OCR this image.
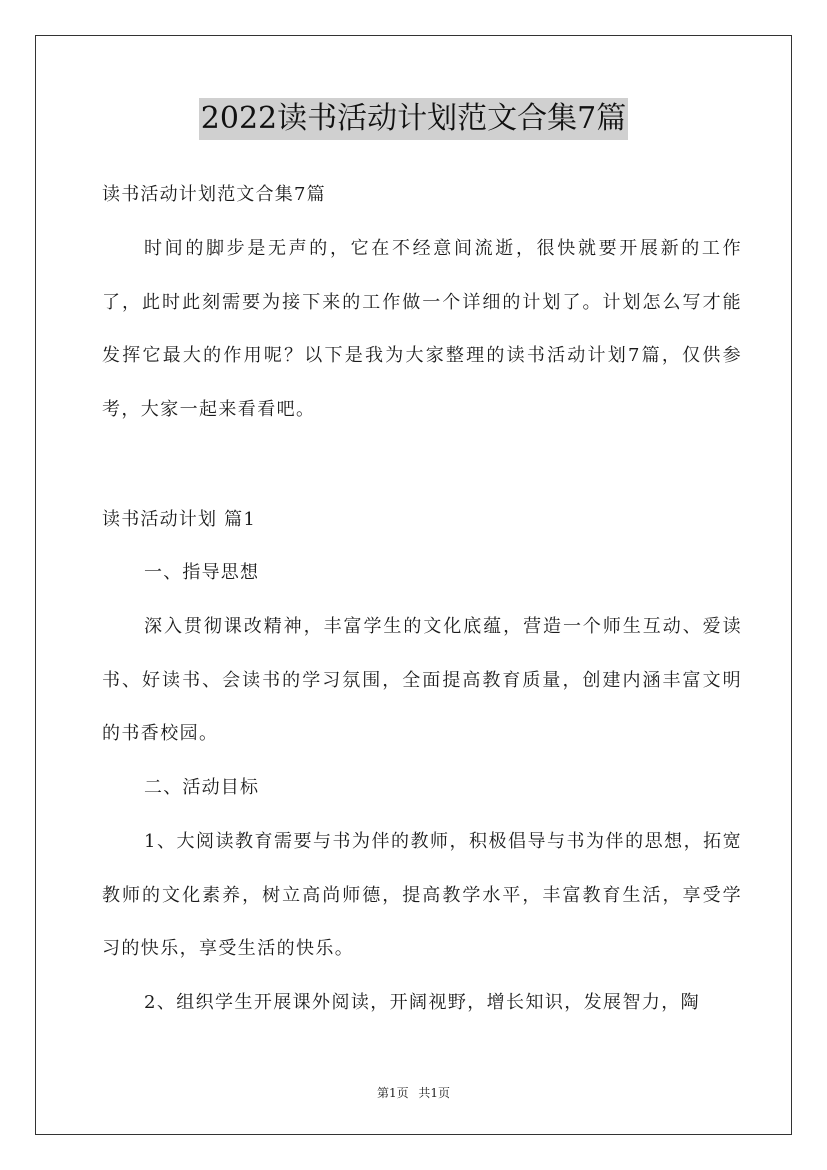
2022读书活动计划范文合集7篇
读书活动计划范文合集7篇
时间的脚步是无声的，它在不经意间流逝，很快就要开展新的工作了，此时此刻需要为接下来的工作做一个详细的计划了。计划怎么写才能发挥它最大的作用呢？以下是我为大家整理的读书活动计划7篇，仅供参考，大家一起来看看吧。
读书活动计划 篇1
一、指导思想
深入贯彻课改精神，丰富学生的文化底蕴，营造一个师生互动、爱读书、好读书、会读书的学习氛围，全面提高教育质量，创建内涵丰富文明的书香校园。
二、活动目标
1、大阅读教育需要与书为伴的教师，积极倡导与书为伴的思想，拓宽教师的文化素养，树立高尚师德，提高教学水平，丰富教育生活，享受学习的快乐，享受生活的快乐。
2、组织学生开展课外阅读，开阔视野，增长知识，发展智力，陶
第1页 共1页
